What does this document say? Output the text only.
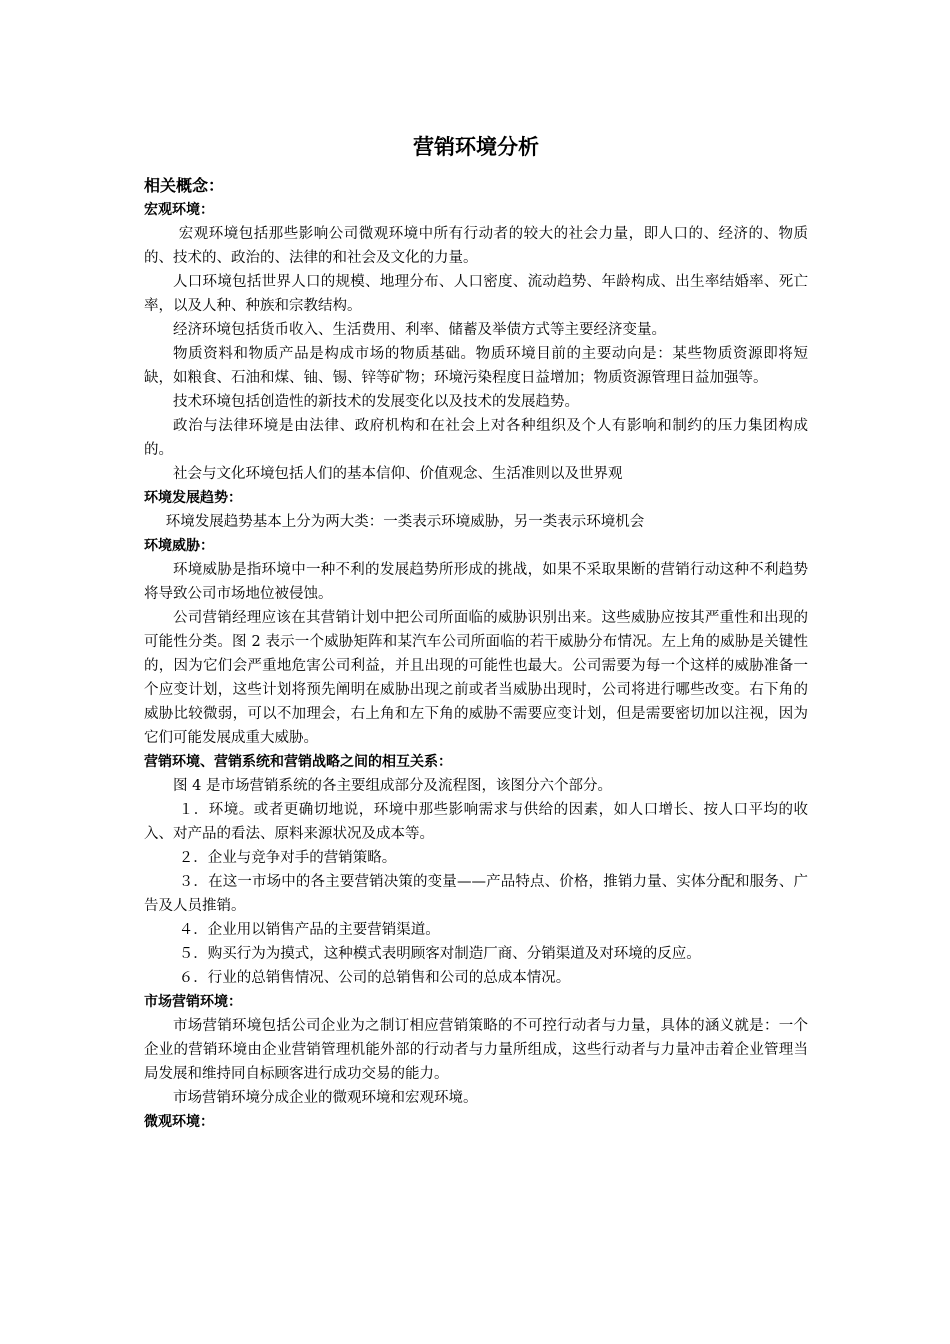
营销环境分析
相关概念：
宏观环境：

宏观环境包括那些影响公司微观环境中所有行动者的较大的社会力量，即人口的、经济的、物质的、技术的、政治的、法律的和社会及文化的力量。

人口环境包括世界人口的规模、地理分布、人口密度、流动趋势、年龄构成、出生率结婚率、死亡率，以及人种、种族和宗教结构。

经济环境包括货币收入、生活费用、利率、储蓄及举债方式等主要经济变量。

物质资料和物质产品是构成市场的物质基础。物质环境目前的主要动向是：某些物质资源即将短缺，如粮食、石油和煤、铀、锡、锌等矿物；环境污染程度日益增加；物质资源管理日益加强等。

技术环境包括创造性的新技术的发展变化以及技术的发展趋势。

政治与法律环境是由法律、政府机构和在社会上对各种组织及个人有影响和制约的压力集团构成的。

社会与文化环境包括人们的基本信仰、价值观念、生活准则以及世界观

环境发展趋势：

环境发展趋势基本上分为两大类：一类表示环境威胁，另一类表示环境机会

环境威胁：

环境威胁是指环境中一种不利的发展趋势所形成的挑战，如果不采取果断的营销行动这种不利趋势将导致公司市场地位被侵蚀。

公司营销经理应该在其营销计划中把公司所面临的威胁识别出来。这些威胁应按其严重性和出现的可能性分类。图 2 表示一个威胁矩阵和某汽车公司所面临的若干威胁分布情况。左上角的威胁是关键性的，因为它们会严重地危害公司利益，并且出现的可能性也最大。公司需要为每一个这样的威胁准备一个应变计划，这些计划将预先阐明在威胁出现之前或者当威胁出现时，公司将进行哪些改变。右下角的威胁比较微弱，可以不加理会，右上角和左下角的威胁不需要应变计划，但是需要密切加以注视，因为它们可能发展成重大威胁。

营销环境、营销系统和营销战略之间的相互关系：

图 4 是市场营销系统的各主要组成部分及流程图，该图分六个部分。

１．环境。或者更确切地说，环境中那些影响需求与供给的因素，如人口增长、按人口平均的收入、对产品的看法、原料来源状况及成本等。

２．企业与竞争对手的营销策略。

３．在这一市场中的各主要营销决策的变量——产品特点、价格，推销力量、实体分配和服务、广告及人员推销。

４．企业用以销售产品的主要营销渠道。

５．购买行为为摸式，这种模式表明顾客对制造厂商、分销渠道及对环境的反应。

６．行业的总销售情况、公司的总销售和公司的总成本情况。

市场营销环境：

市场营销环境包括公司企业为之制订相应营销策略的不可控行动者与力量，具体的涵义就是：一个企业的营销环境由企业营销管理机能外部的行动者与力量所组成，这些行动者与力量冲击着企业管理当局发展和维持同自标顾客进行成功交易的能力。

市场营销环境分成企业的微观环境和宏观环境。

微观环境：
